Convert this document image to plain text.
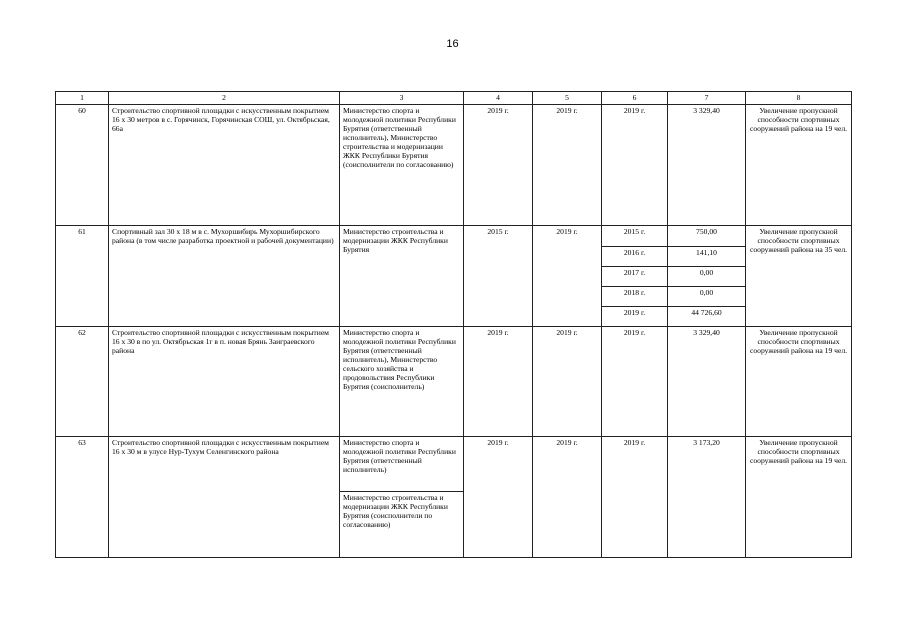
16
1	2	3	4	5	6	7	8
60	Строительство спортивной площадки с искусственным покрытием 16 х 30 метров в с. Горячинск, Горячинская СОШ, ул. Октябрьская, 66а	Министерство спорта и молодежной политики Республики Бурятия (ответственный исполнитель), Министерство строительства и модернизации ЖКК Республики Бурятия (соисполнители по согласованию)	2019 г.	2019 г.	2019 г.	3 329,40	Увеличение пропускной способности спортивных сооружений района на 19 чел.
61	Спортивный зал 30 х 18 м в с. Мухоршибирь Мухоршибирского района (в том числе разработка проектной и рабочей документации)	Министерство строительства и модернизации ЖКК Республики Бурятия	2015 г.	2019 г.	2015 г.	750,00	Увеличение пропускной способности спортивных сооружений района на 35 чел.
					2016 г.	141,10	
					2017 г.	0,00	
					2018 г.	0,00	
					2019 г.	44 726,60	
62	Строительство спортивной площадки с искусственным покрытием 16 х 30 в по ул. Октябрьская 1г в п. новая Брянь Заиграевского района	Министерство спорта и молодежной политики Республики Бурятия (ответственный исполнитель), Министерство сельского хозяйства и продовольствия Республики Бурятия (соисполнитель)	2019 г.	2019 г.	2019 г.	3 329,40	Увеличение пропускной способности спортивных сооружений района на 19 чел.
63	Строительство спортивной площадки с искусственным покрытием 16 х 30 м в улусе Нур-Тухум Селенгинского района	Министерство спорта и молодежной политики Республики Бурятия (ответственный исполнитель)	2019 г.	2019 г.	2019 г.	3 173,20	Увеличение пропускной способности спортивных сооружений района на 19 чел.
		Министерство строительства и модернизации ЖКК Республики Бурятия (соисполнители по согласованию)					
